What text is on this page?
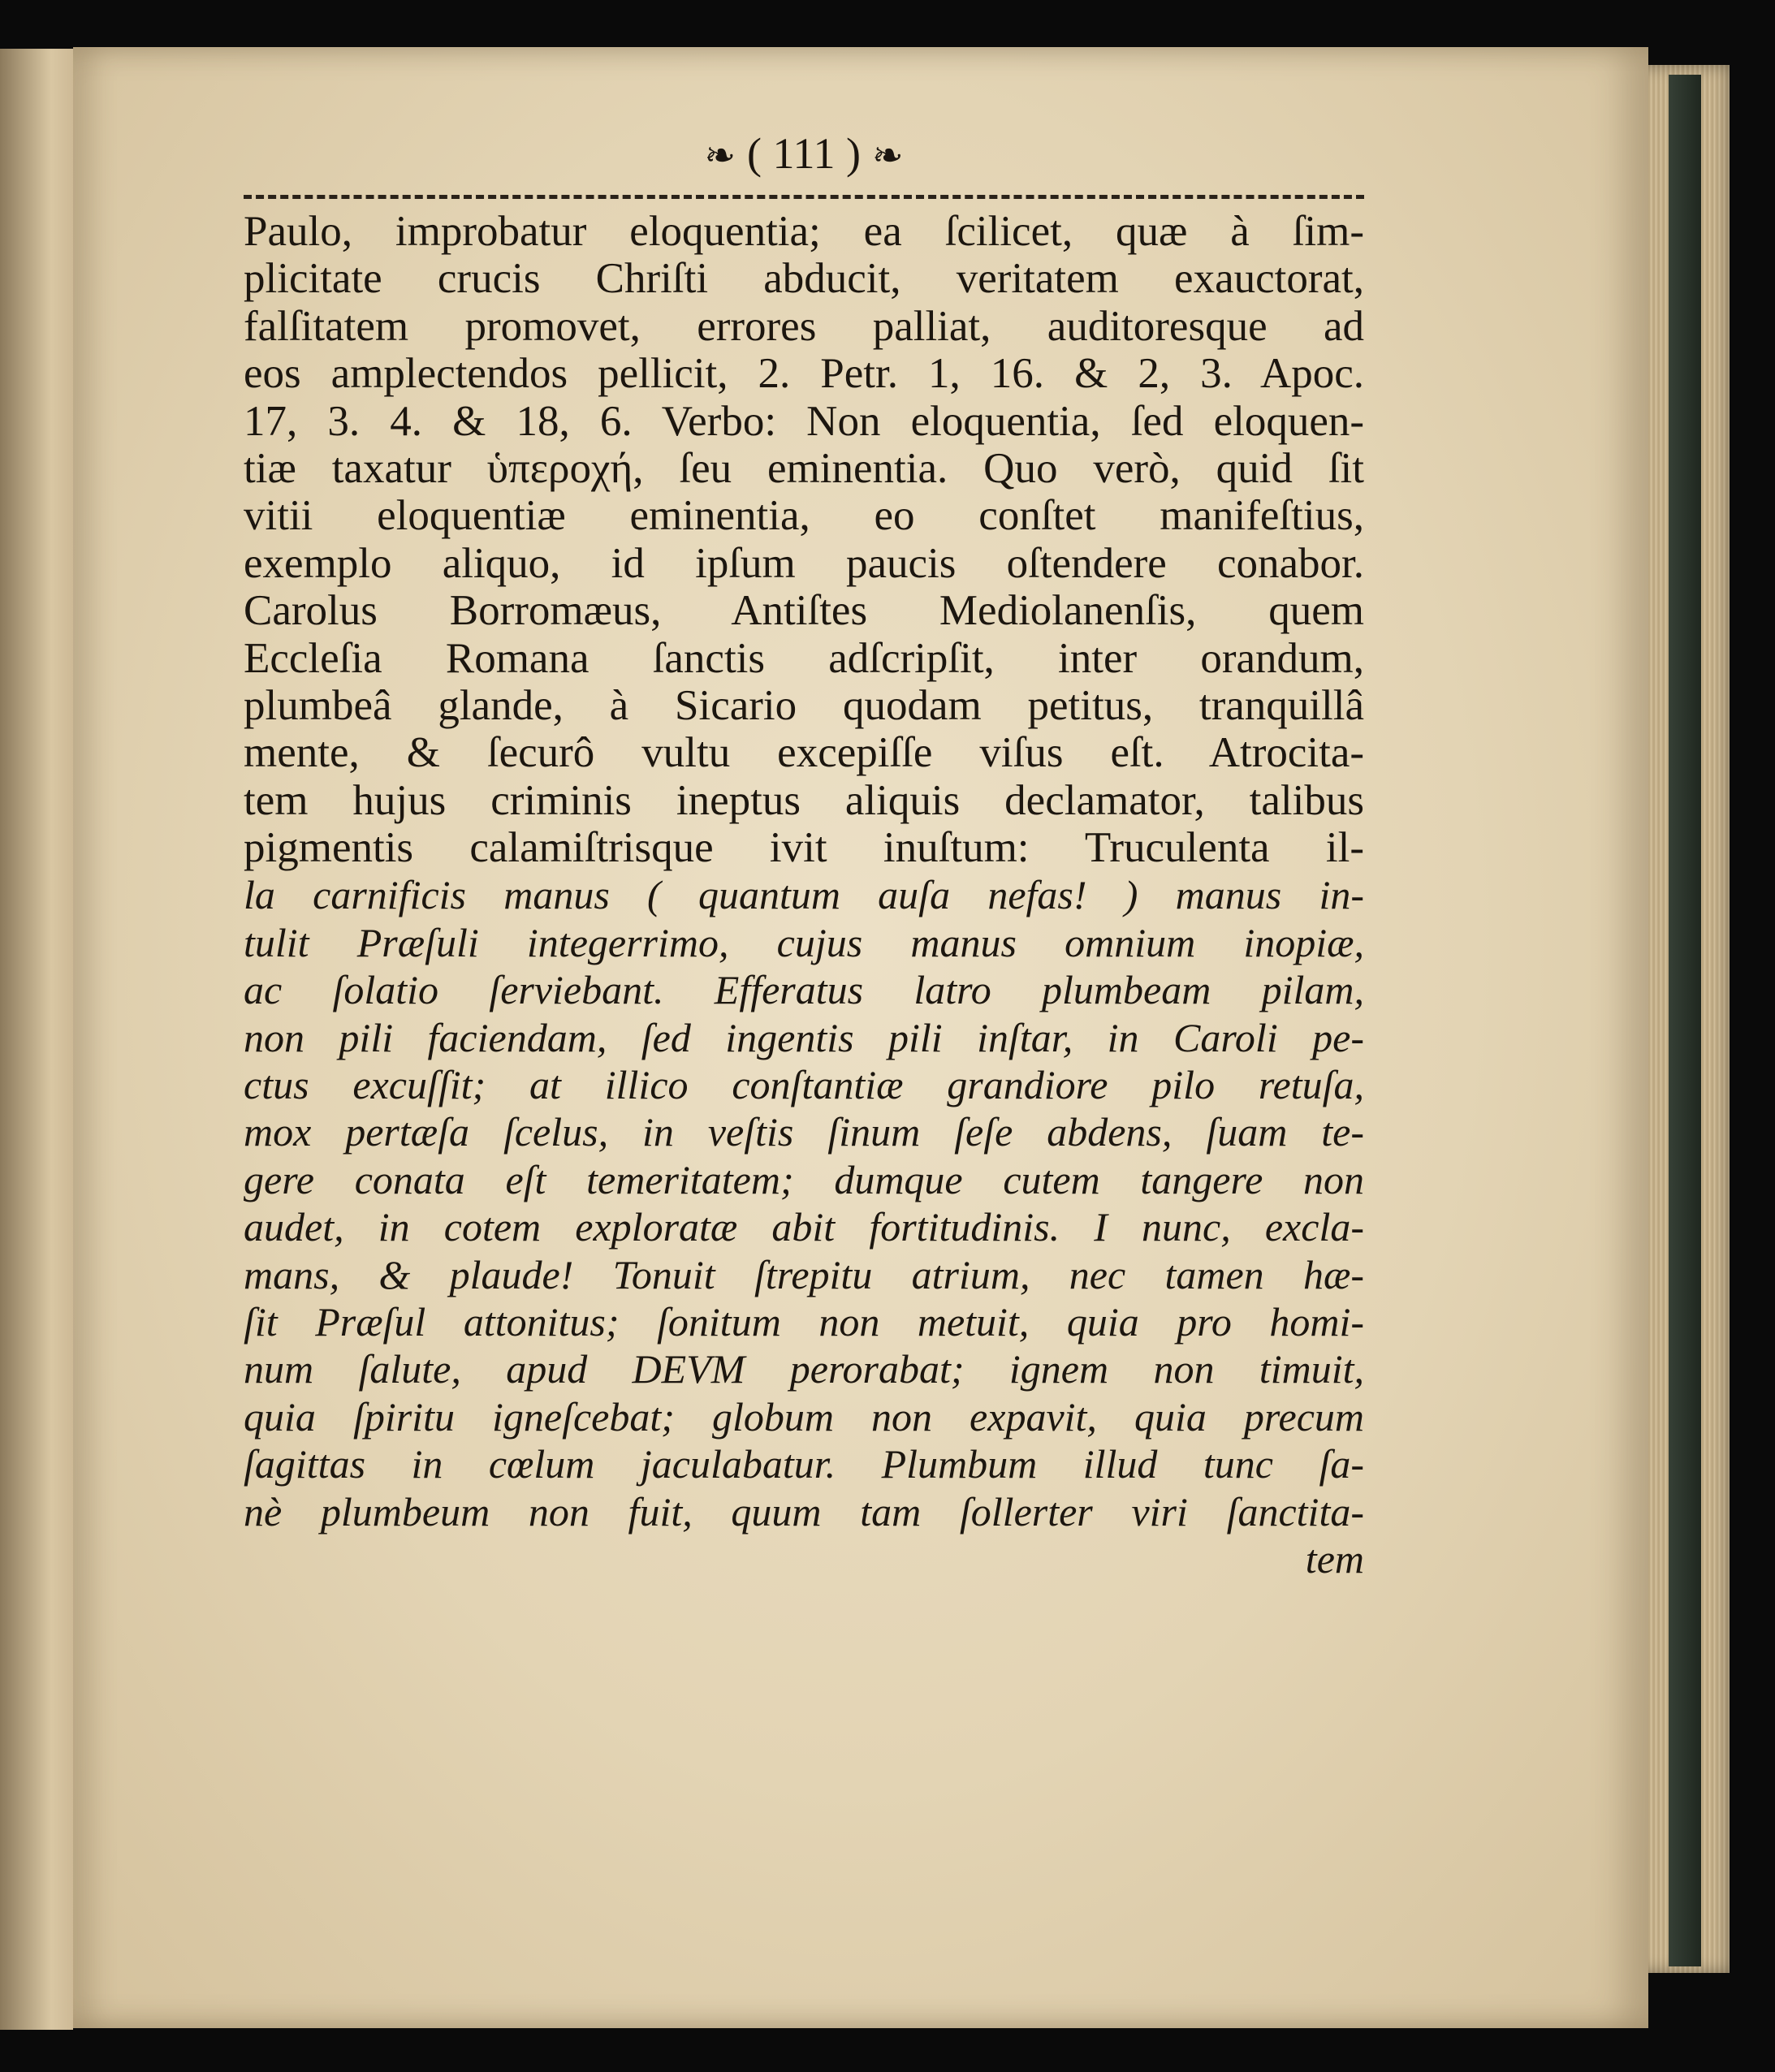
❧ ( 111 ) ❧
Paulo, improbatur eloquentia; ea ſcilicet, quæ à ſim-
plicitate crucis Chriſti abducit, veritatem exauctorat,
falſitatem promovet, errores palliat, auditoresque ad
eos amplectendos pellicit, 2. Petr. 1, 16. & 2, 3. Apoc.
17, 3. 4. & 18, 6. Verbo: Non eloquentia, ſed eloquen-
tiæ taxatur ὑπεροχή, ſeu eminentia. Quo verò, quid ſit
vitii eloquentiæ eminentia, eo conſtet manifeſtius,
exemplo aliquo, id ipſum paucis oſtendere conabor.
Carolus Borromæus, Antiſtes Mediolanenſis, quem
Eccleſia Romana ſanctis adſcripſit, inter orandum,
plumbeâ glande, à Sicario quodam petitus, tranquillâ
mente, & ſecurô vultu excepiſſe viſus eſt. Atrocita-
tem hujus criminis ineptus aliquis declamator, talibus
pigmentis calamiſtrisque ivit inuſtum: Truculenta il-
la carnificis manus ( quantum auſa nefas! ) manus in-
tulit Præſuli integerrimo, cujus manus omnium inopiæ,
ac ſolatio ſerviebant. Efferatus latro plumbeam pilam,
non pili faciendam, ſed ingentis pili inſtar, in Caroli pe-
ctus excuſſit; at illico conſtantiæ grandiore pilo retuſa,
mox pertæſa ſcelus, in veſtis ſinum ſeſe abdens, ſuam te-
gere conata eſt temeritatem; dumque cutem tangere non
audet, in cotem exploratæ abit fortitudinis. I nunc, excla-
mans, & plaude! Tonuit ſtrepitu atrium, nec tamen hæ-
ſit Præſul attonitus; ſonitum non metuit, quia pro homi-
num ſalute, apud DEVM perorabat; ignem non timuit,
quia ſpiritu igneſcebat; globum non expavit, quia precum
ſagittas in cœlum jaculabatur. Plumbum illud tunc ſa-
nè plumbeum non fuit, quum tam ſollerter viri ſanctita-
tem
